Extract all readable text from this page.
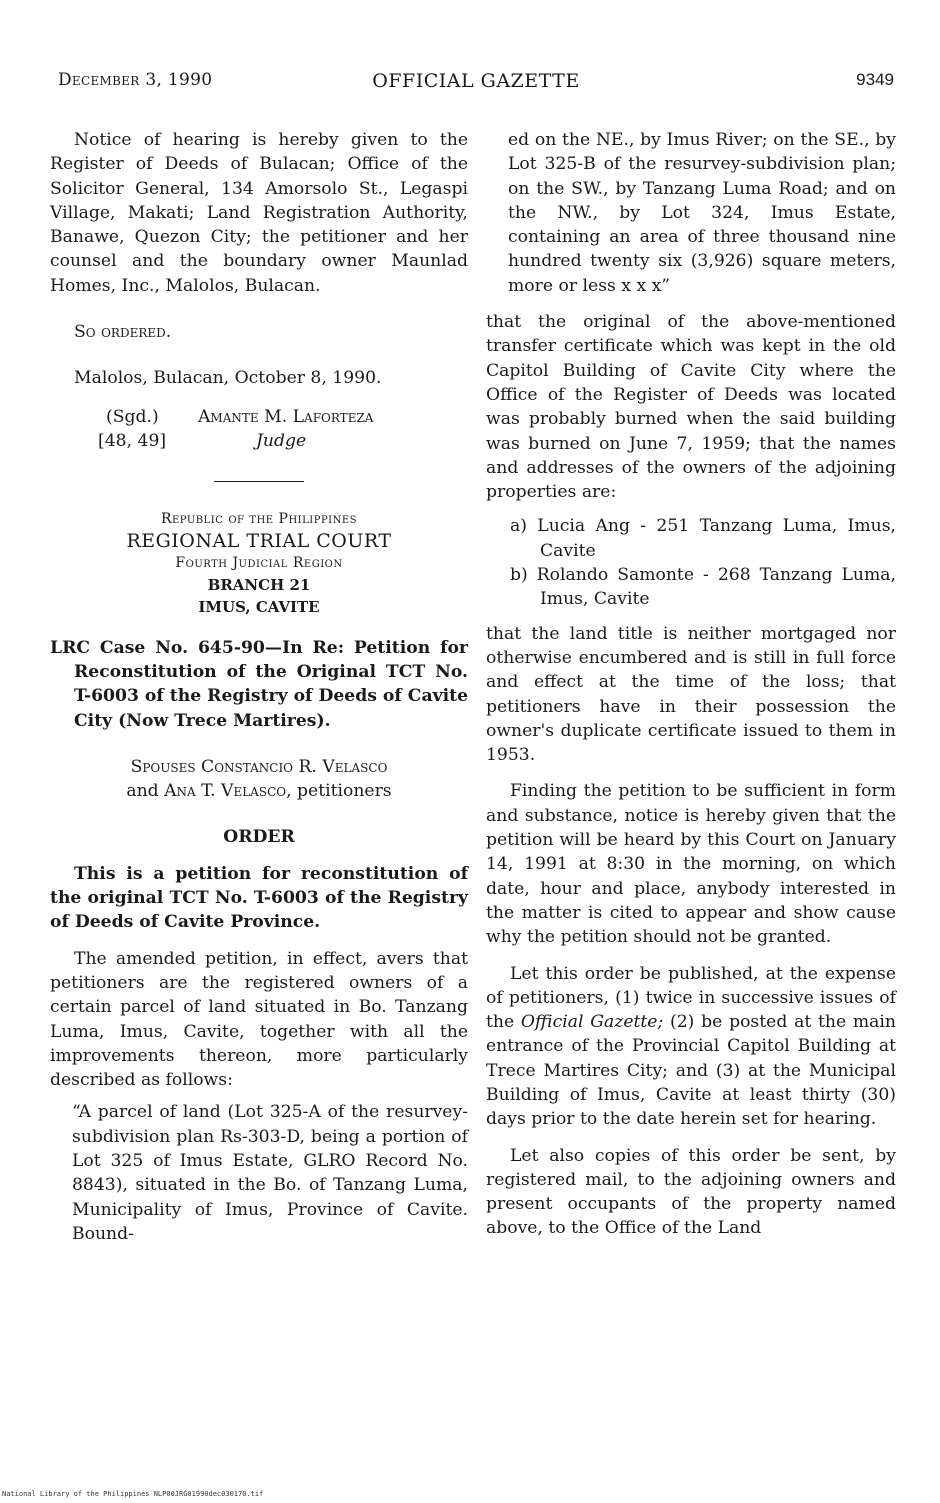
December 3, 1990	OFFICIAL GAZETTE	9349

Notice of hearing is hereby given to the Register of Deeds of Bulacan; Office of the Solicitor General, 134 Amorsolo St., Legaspi Village, Makati; Land Registration Authority, Banawe, Quezon City; the petitioner and her counsel and the boundary owner Maunlad Homes, Inc., Malolos, Bulacan.

So ordered.

Malolos, Bulacan, October 8, 1990.

(Sgd.) Amante M. Laforteza
[48, 49]	Judge
Republic of the Philippines
REGIONAL TRIAL COURT
Fourth Judicial Region
BRANCH 21
IMUS, CAVITE

LRC Case No. 645-90—In Re: Petition for Reconstitution of the Original TCT No. T-6003 of the Registry of Deeds of Cavite City (Now Trece Martires).

Spouses Constancio R. Velasco
and Ana T. Velasco, petitioners

ORDER

This is a petition for reconstitution of the original TCT No. T-6003 of the Registry of Deeds of Cavite Province.

The amended petition, in effect, avers that petitioners are the registered owners of a certain parcel of land situated in Bo. Tanzang Luma, Imus, Cavite, together with all the improvements thereon, more particularly described as follows:

“A parcel of land (Lot 325-A of the resurvey-subdivision plan Rs-303-D, being a portion of Lot 325 of Imus Estate, GLRO Record No. 8843), situated in the Bo. of Tanzang Luma, Municipality of Imus, Province of Cavite. Bound-

ed on the NE., by Imus River; on the SE., by Lot 325-B of the resurvey-subdivision plan; on the SW., by Tanzang Luma Road; and on the NW., by Lot 324, Imus Estate, containing an area of three thousand nine hundred twenty six (3,926) square meters, more or less x x x”

that the original of the above-mentioned transfer certificate which was kept in the old Capitol Building of Cavite City where the Office of the Register of Deeds was located was probably burned when the said building was burned on June 7, 1959; that the names and addresses of the owners of the adjoining properties are:

a) Lucia Ang - 251 Tanzang Luma, Imus, Cavite

b) Rolando Samonte - 268 Tanzang Luma, Imus, Cavite

that the land title is neither mortgaged nor otherwise encumbered and is still in full force and effect at the time of the loss; that petitioners have in their possession the owner's duplicate certificate issued to them in 1953.

Finding the petition to be sufficient in form and substance, notice is hereby given that the petition will be heard by this Court on January 14, 1991 at 8:30 in the morning, on which date, hour and place, anybody interested in the matter is cited to appear and show cause why the petition should not be granted.

Let this order be published, at the expense of petitioners, (1) twice in successive issues of the Official Gazette; (2) be posted at the main entrance of the Provincial Capitol Building at Trece Martires City; and (3) at the Municipal Building of Imus, Cavite at least thirty (30) days prior to the date herein set for hearing.

Let also copies of this order be sent, by registered mail, to the adjoining owners and present occupants of the property named above, to the Office of the Land

National Library of the Philippines NLP00JRG01990dec030170.tif
